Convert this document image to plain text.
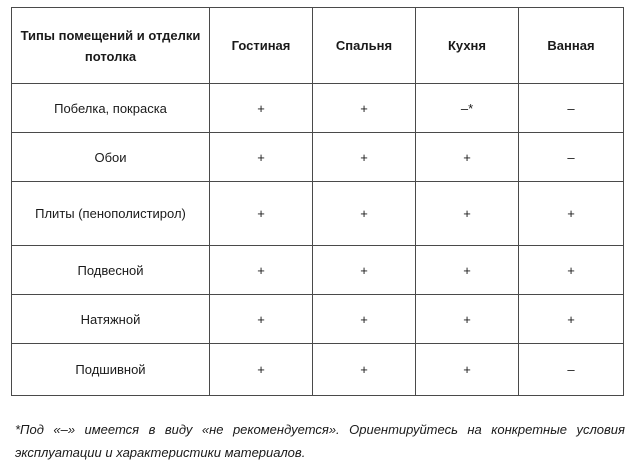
Типы помещений и отделки потолка	Гостиная	Спальня	Кухня	Ванная
Побелка, покраска	+	+	–*	–
Обои	+	+	+	–
Плиты (пенополистирол)	+	+	+	+
Подвесной	+	+	+	+
Натяжной	+	+	+	+
Подшивной	+	+	+	–

*Под «–» имеется в виду «не рекомендуется». Ориентируйтесь на конкретные условия эксплуатации и характеристики материалов.
